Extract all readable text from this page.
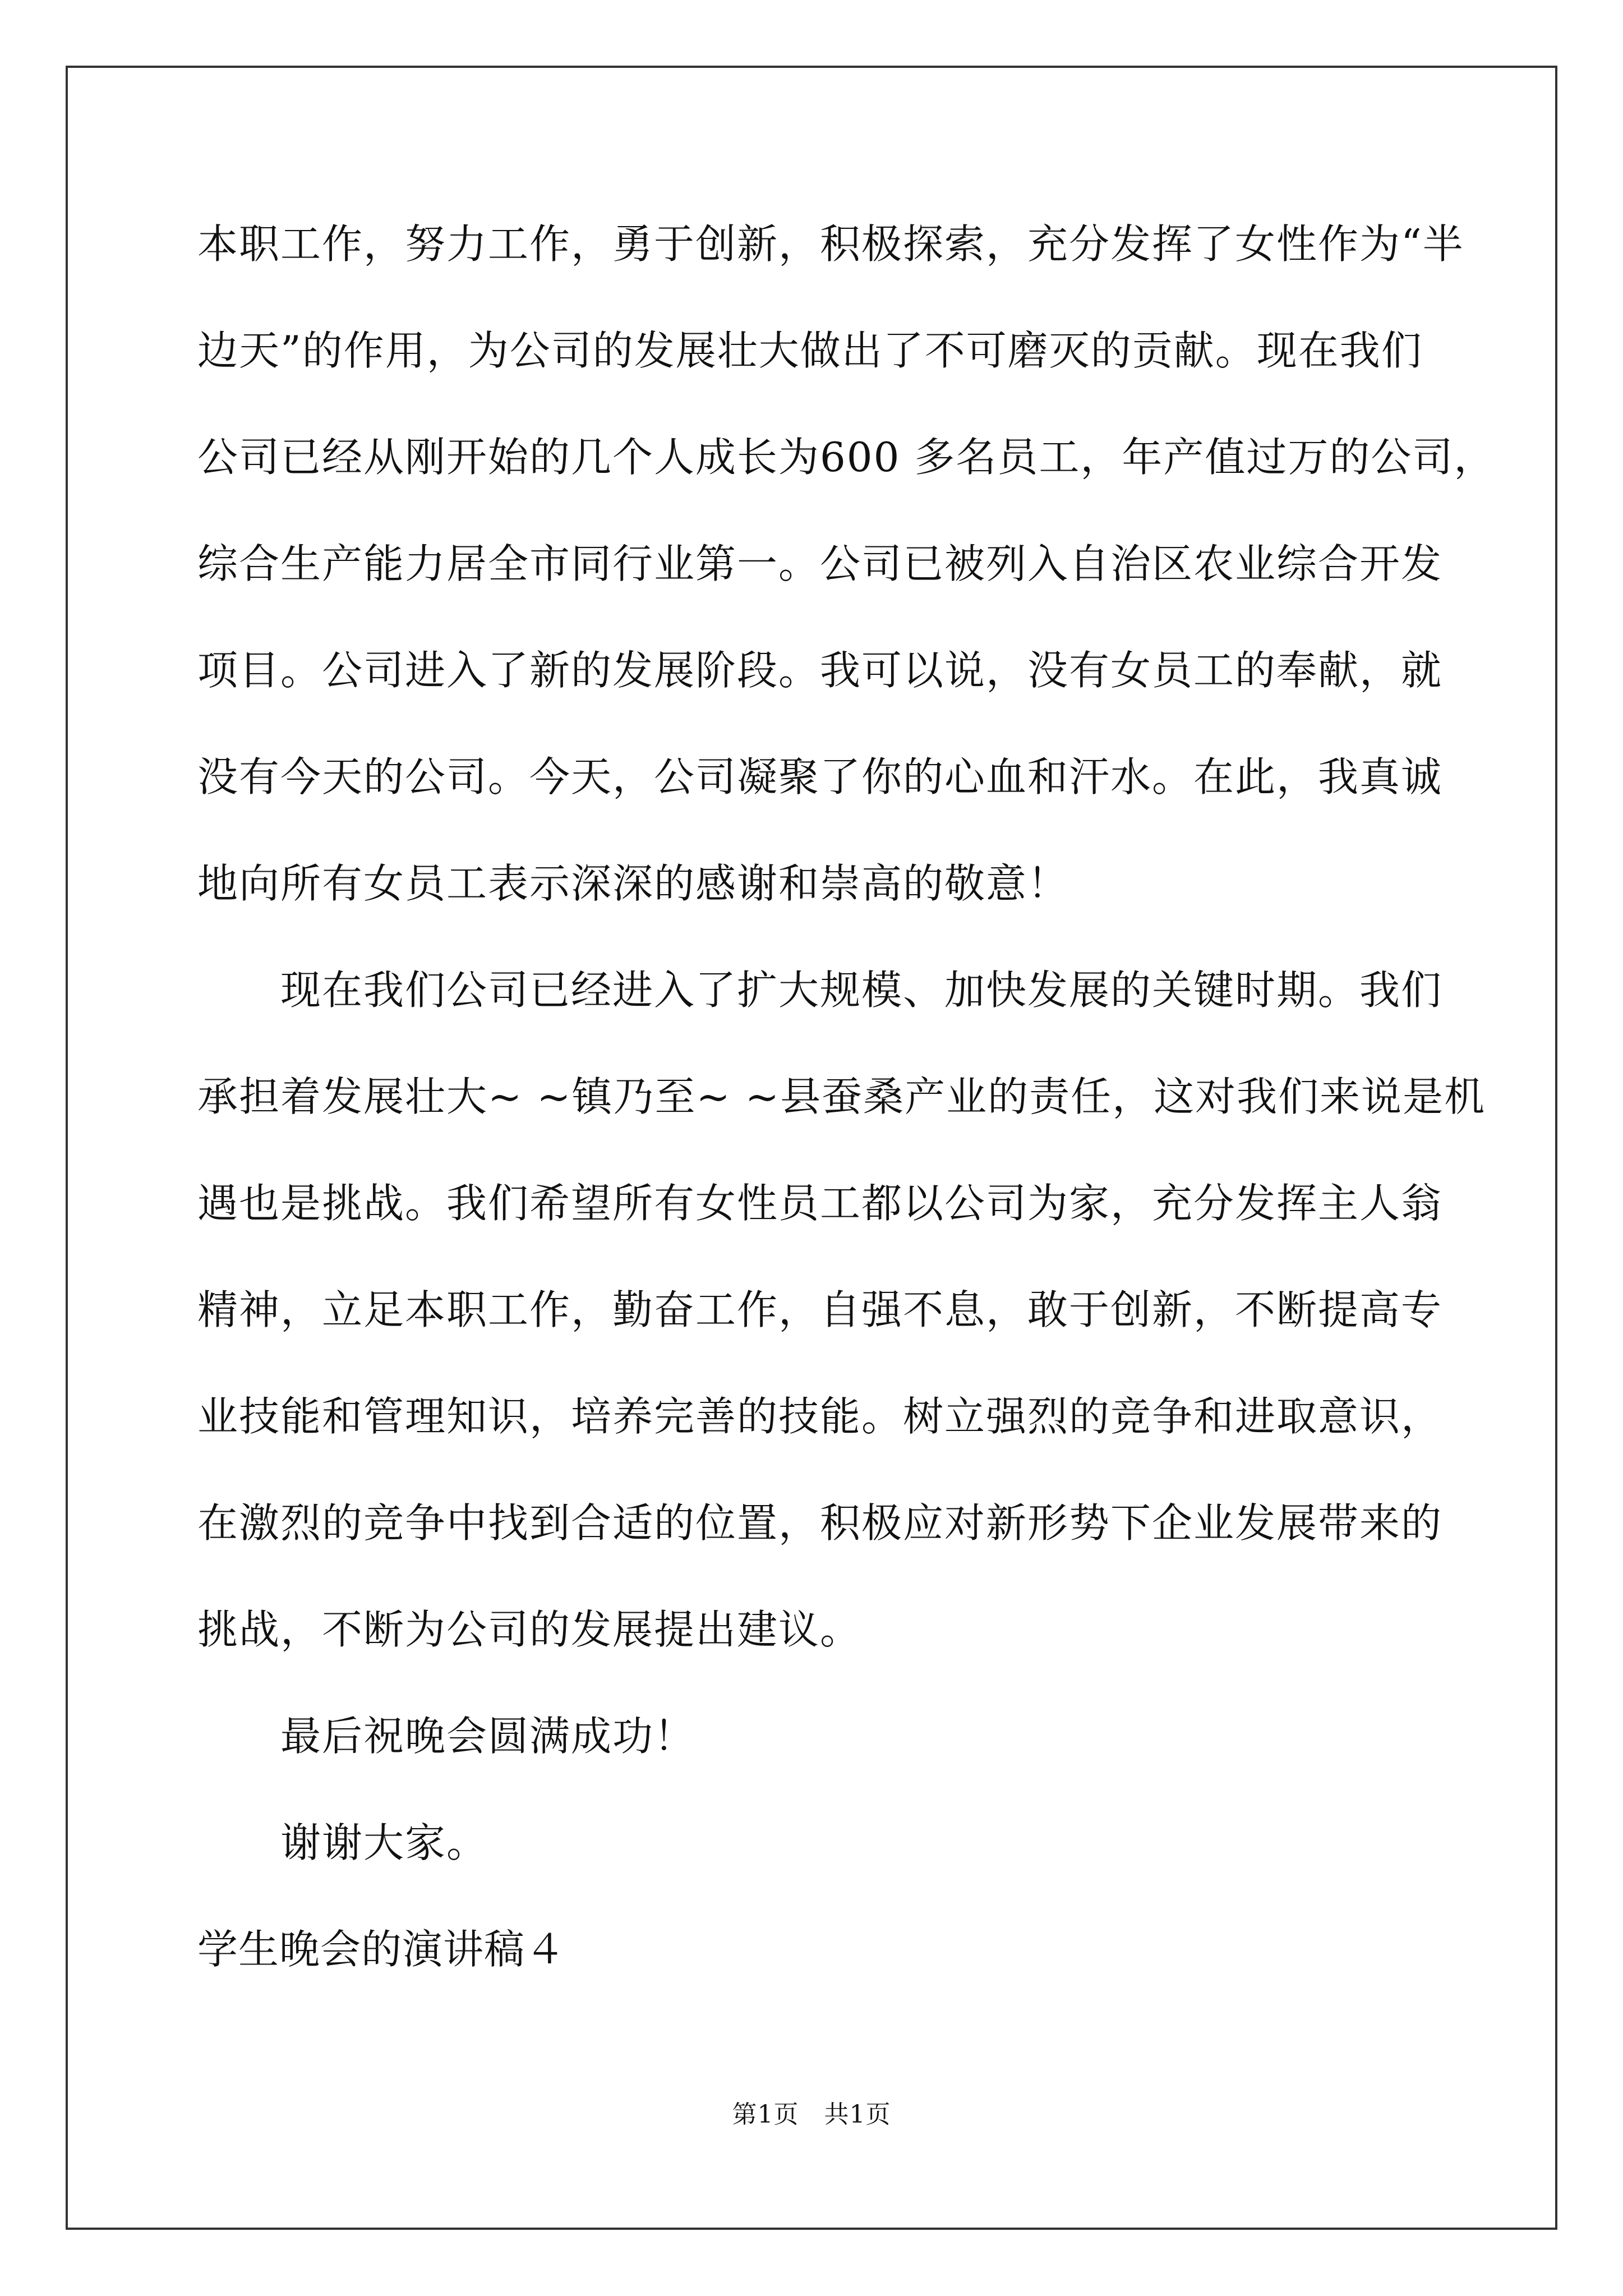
本职工作，努力工作，勇于创新，积极探索，充分发挥了女性作为“半
边天”的作用，为公司的发展壮大做出了不可磨灭的贡献。现在我们
公司已经从刚开始的几个人成长为600 多名员工，年产值过万的公司，
综合生产能力居全市同行业第一。公司已被列入自治区农业综合开发
项目。公司进入了新的发展阶段。我可以说，没有女员工的奉献，就
没有今天的公司。今天，公司凝聚了你的心血和汗水。在此，我真诚
地向所有女员工表示深深的感谢和崇高的敬意！
现在我们公司已经进入了扩大规模、加快发展的关键时期。我们
承担着发展壮大~ ~镇乃至~ ~县蚕桑产业的责任，这对我们来说是机
遇也是挑战。我们希望所有女性员工都以公司为家，充分发挥主人翁
精神，立足本职工作，勤奋工作，自强不息，敢于创新，不断提高专
业技能和管理知识，培养完善的技能。树立强烈的竞争和进取意识，
在激烈的竞争中找到合适的位置，积极应对新形势下企业发展带来的
挑战，不断为公司的发展提出建议。
最后祝晚会圆满成功！
谢谢大家。
学生晚会的演讲稿４
第1页　共1页
